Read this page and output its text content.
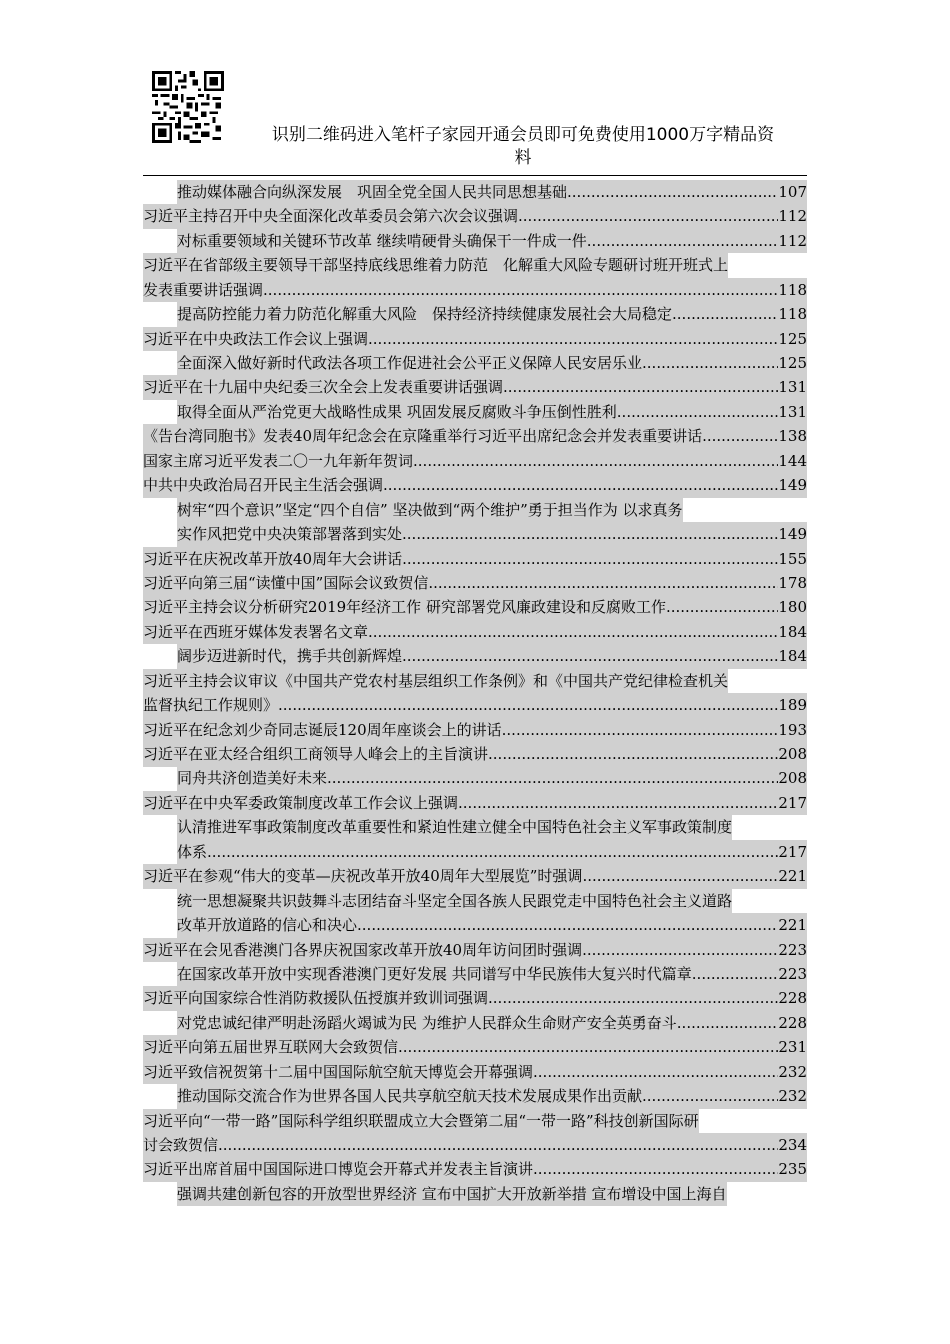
识别二维码进入笔杆子家园开通会员即可免费使用1000万字精品资
料
推动媒体融合向纵深发展　巩固全党全国人民共同思想基础 .....	107
习近平主持召开中央全面深化改革委员会第六次会议强调 .....	112
对标重要领域和关键环节改革 继续啃硬骨头确保干一件成一件 .....	112
习近平在省部级主要领导干部坚持底线思维着力防范　化解重大风险专题研讨班开班式上
发表重要讲话强调 .....	118
提高防控能力着力防范化解重大风险　保持经济持续健康发展社会大局稳定 .....	118
习近平在中央政法工作会议上强调 .....	125
全面深入做好新时代政法各项工作促进社会公平正义保障人民安居乐业 .....	125
习近平在十九届中央纪委三次全会上发表重要讲话强调 .....	131
取得全面从严治党更大战略性成果 巩固发展反腐败斗争压倒性胜利 .....	131
《告台湾同胞书》发表40周年纪念会在京隆重举行习近平出席纪念会并发表重要讲话 .....	138
国家主席习近平发表二〇一九年新年贺词 .....	144
中共中央政治局召开民主生活会强调 .....	149
树牢“四个意识”坚定“四个自信” 坚决做到“两个维护”勇于担当作为 以求真务
实作风把党中央决策部署落到实处 .....	149
习近平在庆祝改革开放40周年大会讲话 .....	155
习近平向第三届“读懂中国”国际会议致贺信 .....	178
习近平主持会议分析研究2019年经济工作 研究部署党风廉政建设和反腐败工作 .....	180
习近平在西班牙媒体发表署名文章 .....	184
阔步迈进新时代，携手共创新辉煌 .....	184
习近平主持会议审议《中国共产党农村基层组织工作条例》和《中国共产党纪律检查机关
监督执纪工作规则》 .....	189
习近平在纪念刘少奇同志诞辰120周年座谈会上的讲话 .....	193
习近平在亚太经合组织工商领导人峰会上的主旨演讲 .....	208
同舟共济创造美好未来 .....	208
习近平在中央军委政策制度改革工作会议上强调 .....	217
认清推进军事政策制度改革重要性和紧迫性建立健全中国特色社会主义军事政策制度
体系 .....	217
习近平在参观“伟大的变革—庆祝改革开放40周年大型展览”时强调 .....	221
统一思想凝聚共识鼓舞斗志团结奋斗坚定全国各族人民跟党走中国特色社会主义道路
改革开放道路的信心和决心 .....	221
习近平在会见香港澳门各界庆祝国家改革开放40周年访问团时强调 .....	223
在国家改革开放中实现香港澳门更好发展 共同谱写中华民族伟大复兴时代篇章 .....	223
习近平向国家综合性消防救援队伍授旗并致训词强调 .....	228
对党忠诚纪律严明赴汤蹈火竭诚为民 为维护人民群众生命财产安全英勇奋斗 .....	228
习近平向第五届世界互联网大会致贺信 .....	231
习近平致信祝贺第十二届中国国际航空航天博览会开幕强调 .....	232
推动国际交流合作为世界各国人民共享航空航天技术发展成果作出贡献 .....	232
习近平向“一带一路”国际科学组织联盟成立大会暨第二届“一带一路”科技创新国际研
讨会致贺信 .....	234
习近平出席首届中国国际进口博览会开幕式并发表主旨演讲 .....	235
强调共建创新包容的开放型世界经济 宣布中国扩大开放新举措 宣布增设中国上海自
